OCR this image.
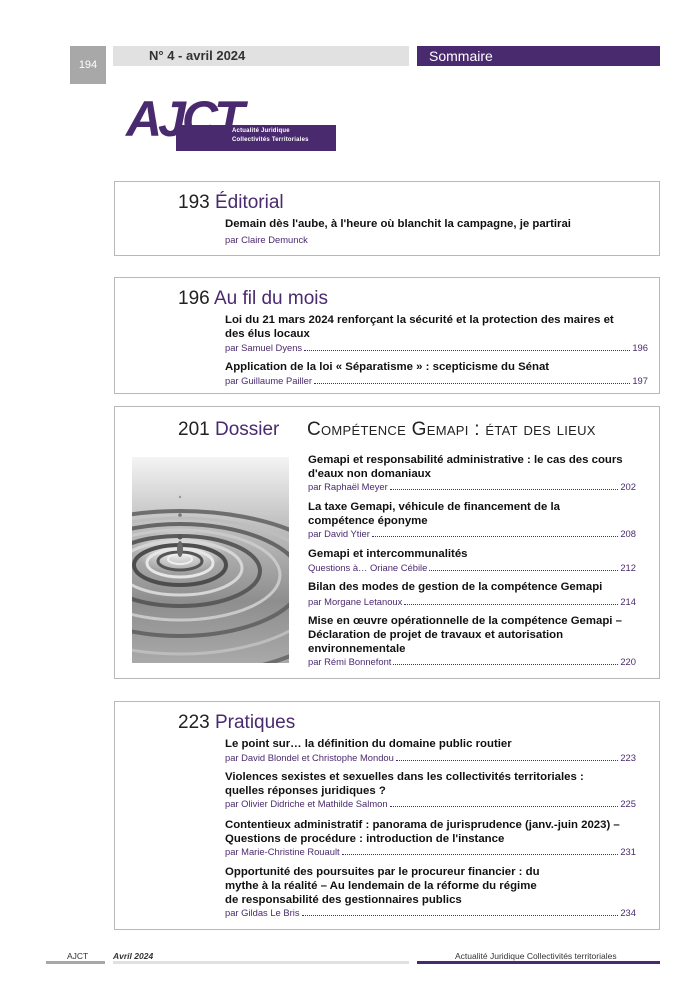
194
N° 4 - avril 2024	Sommaire
AJCT
Actualité Juridique
Collectivités Territoriales
193 Éditorial
Demain dès l'aube, à l'heure où blanchit la campagne, je partirai
par Claire Demunck
196 Au fil du mois
Loi du 21 mars 2024 renforçant la sécurité et la protection des maires et des élus locaux
par Samuel Dyens	196
Application de la loi « Séparatisme » : scepticisme du Sénat
par Guillaume Pailler	197
201 Dossier Compétence Gemapi : état des lieux
Gemapi et responsabilité administrative : le cas des cours d'eaux non domaniaux
par Raphaël Meyer	202
La taxe Gemapi, véhicule de financement de la compétence éponyme
par David Ytier	208
Gemapi et intercommunalités
Questions à… Oriane Cébile	212
Bilan des modes de gestion de la compétence Gemapi
par Morgane Letanoux	214
Mise en œuvre opérationnelle de la compétence Gemapi – Déclaration de projet de travaux et autorisation environnementale
par Rémi Bonnefont	220
223 Pratiques
Le point sur… la définition du domaine public routier
par David Blondel et Christophe Mondou	223
Violences sexistes et sexuelles dans les collectivités territoriales : quelles réponses juridiques ?
par Olivier Didriche et Mathilde Salmon	225
Contentieux administratif : panorama de jurisprudence (janv.-juin 2023) – Questions de procédure : introduction de l'instance
par Marie-Christine Rouault	231
Opportunité des poursuites par le procureur financier : du mythe à la réalité – Au lendemain de la réforme du régime de responsabilité des gestionnaires publics
par Gildas Le Bris	234
AJCT	Avril 2024	Actualité Juridique Collectivités territoriales
